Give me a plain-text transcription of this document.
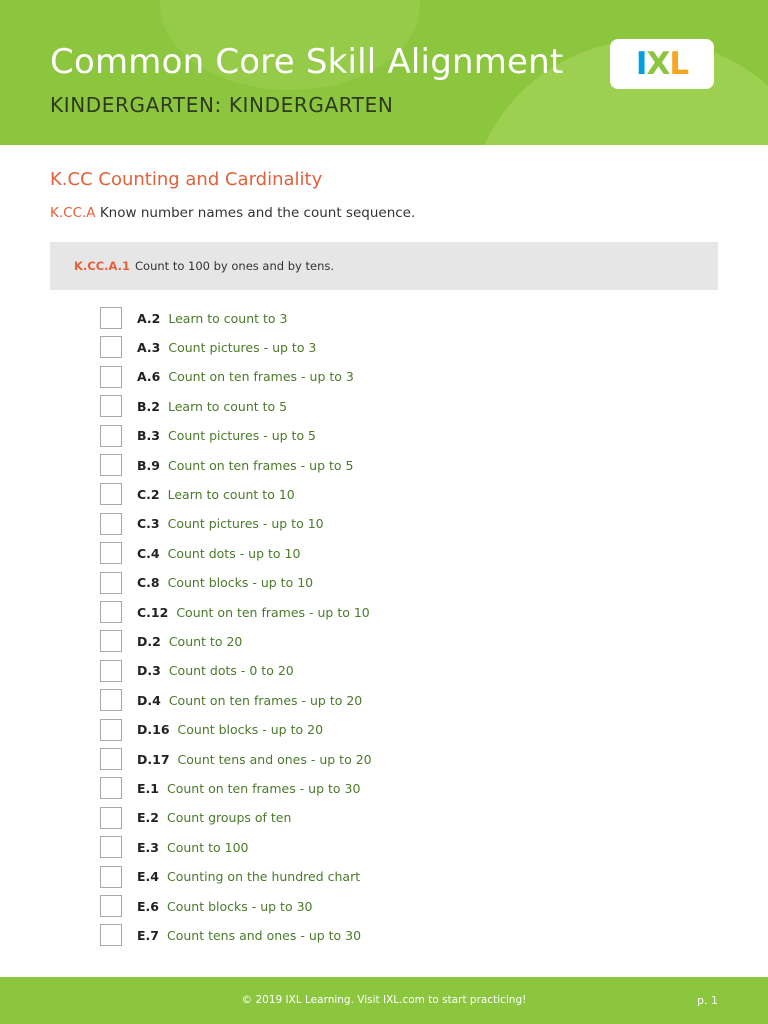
Common Core Skill Alignment
KINDERGARTEN: KINDERGARTEN
I X L
K.CC Counting and Cardinality
K.CC.A Know number names and the count sequence.
K.CC.A.1 Count to 100 by ones and by tens.
A.2 Learn to count to 3
A.3 Count pictures - up to 3
A.6 Count on ten frames - up to 3
B.2 Learn to count to 5
B.3 Count pictures - up to 5
B.9 Count on ten frames - up to 5
C.2 Learn to count to 10
C.3 Count pictures - up to 10
C.4 Count dots - up to 10
C.8 Count blocks - up to 10
C.12 Count on ten frames - up to 10
D.2 Count to 20
D.3 Count dots - 0 to 20
D.4 Count on ten frames - up to 20
D.16 Count blocks - up to 20
D.17 Count tens and ones - up to 20
E.1 Count on ten frames - up to 30
E.2 Count groups of ten
E.3 Count to 100
E.4 Counting on the hundred chart
E.6 Count blocks - up to 30
E.7 Count tens and ones - up to 30
© 2019 IXL Learning. Visit IXL.com to start practicing!	p. 1
